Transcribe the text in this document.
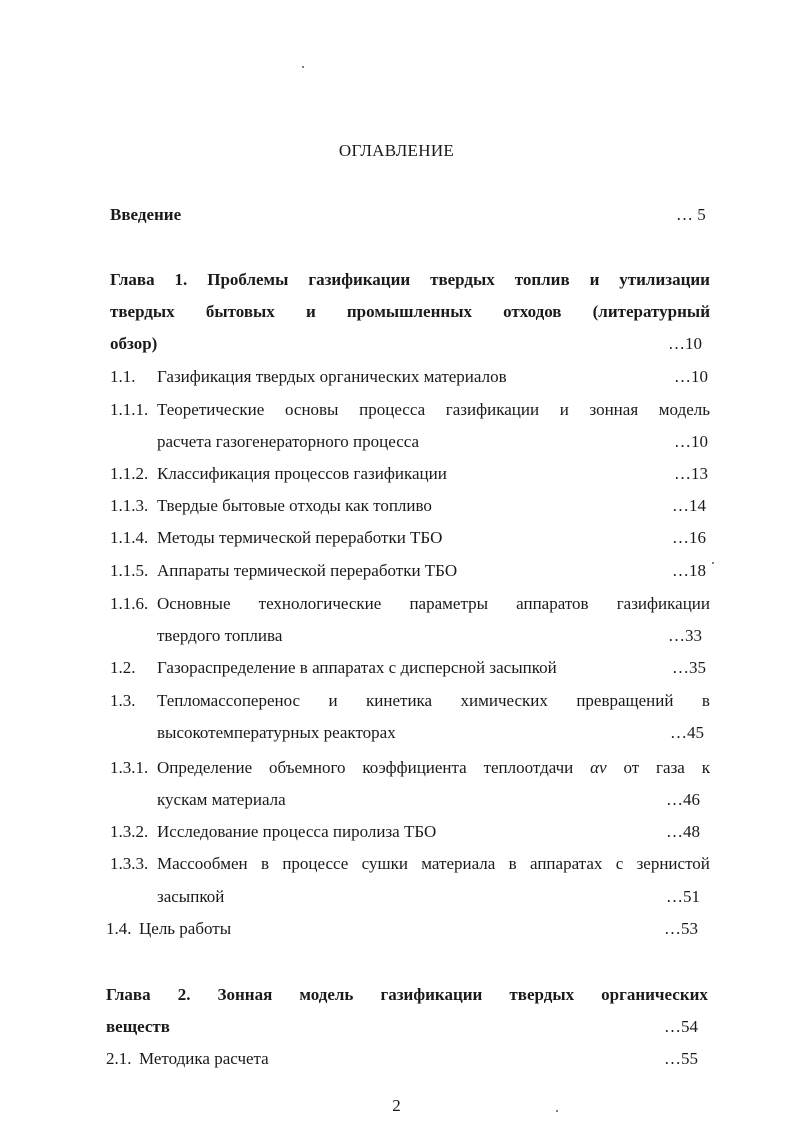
ОГЛАВЛЕНИЕ
Введение	… 5
Глава 1. Проблемы газификации твердых топлив и утилизации
твердых бытовых и промышленных отходов (литературный
обзор)	…10
1.1. Газификация твердых органических материалов	…10
1.1.1. Теоретические основы процесса газификации и зонная модель
расчета газогенераторного процесса	…10
1.1.2. Классификация процессов газификации	…13
1.1.3. Твердые бытовые отходы как топливо	…14
1.1.4. Методы термической переработки ТБО	…16
1.1.5. Аппараты термической переработки ТБО	…18
1.1.6. Основные технологические параметры аппаратов газификации
твердого топлива	…33
1.2. Газораспределение в аппаратах с дисперсной засыпкой	…35
1.3. Тепломассоперенос и кинетика химических превращений в
высокотемпературных реакторах	…45
1.3.1. Определение объемного коэффициента теплоотдачи αv от газа к
кускам материала	…46
1.3.2. Исследование процесса пиролиза ТБО	…48
1.3.3. Массообмен в процессе сушки материала в аппаратах с зернистой
засыпкой	…51
1.4. Цель работы	…53
Глава 2. Зонная модель газификации твердых органических
веществ	…54
2.1. Методика расчета	…55
2
